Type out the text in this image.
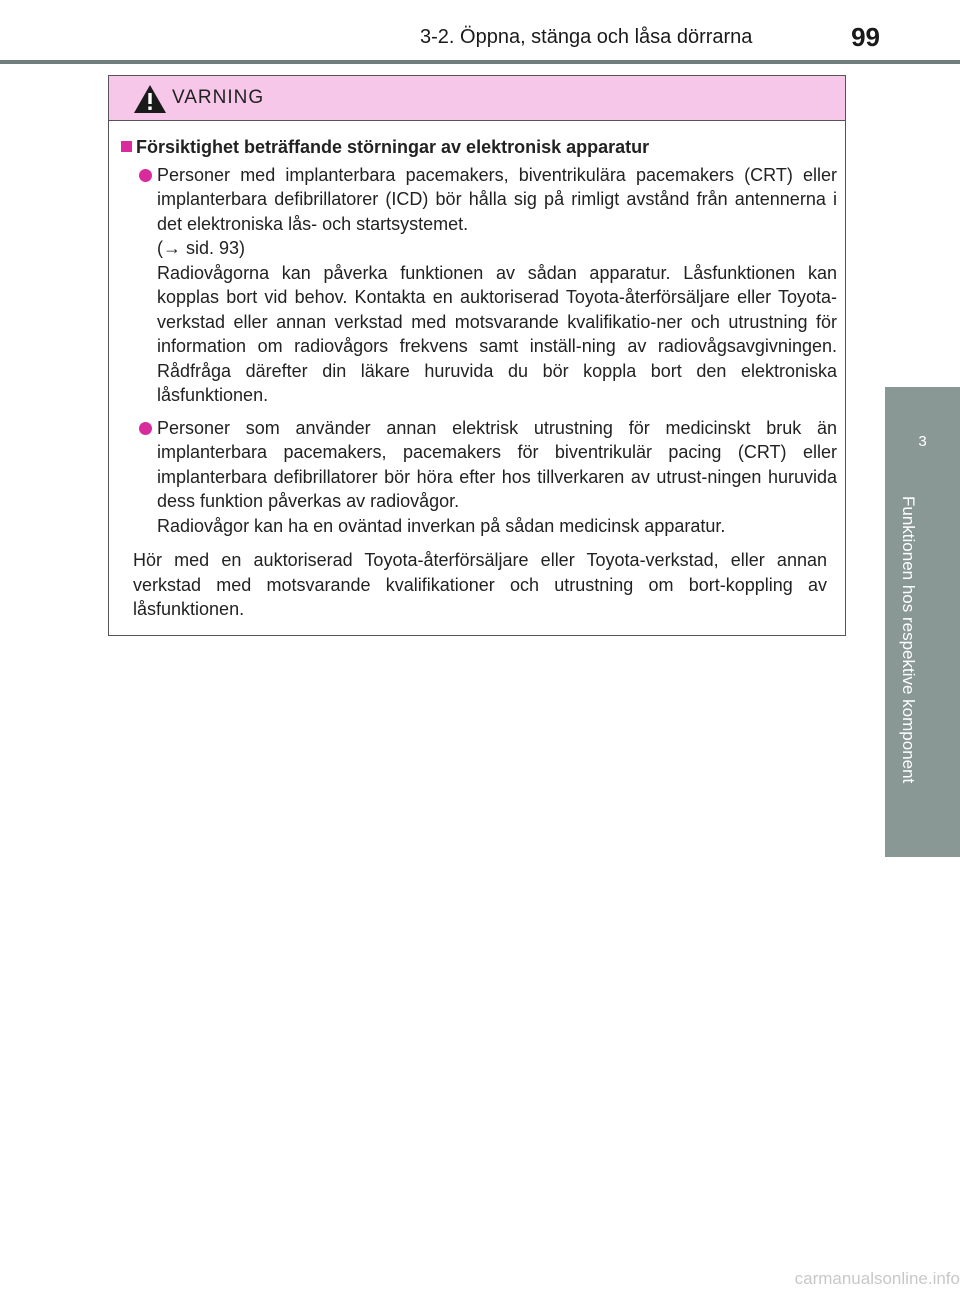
3-2. Öppna, stänga och låsa dörrarna	99
3
Funktionen hos respektive komponent
VARNING
Försiktighet beträffande störningar av elektronisk apparatur

Personer med implanterbara pacemakers, biventrikulära pacemakers (CRT) eller implanterbara defibrillatorer (ICD) bör hålla sig på rimligt avstånd från antennerna i det elektroniska lås- och startsystemet.

(→ sid. 93)

Radiovågorna kan påverka funktionen av sådan apparatur. Låsfunktionen kan kopplas bort vid behov. Kontakta en auktoriserad Toyota-återförsäljare eller Toyota-verkstad eller annan verkstad med motsvarande kvalifikatio-ner och utrustning för information om radiovågors frekvens samt inställ-ning av radiovågsavgivningen. Rådfråga därefter din läkare huruvida du bör koppla bort den elektroniska låsfunktionen.

Personer som använder annan elektrisk utrustning för medicinskt bruk än implanterbara pacemakers, pacemakers för biventrikulär pacing (CRT) eller implanterbara defibrillatorer bör höra efter hos tillverkaren av utrust-ningen huruvida dess funktion påverkas av radiovågor.

Radiovågor kan ha en oväntad inverkan på sådan medicinsk apparatur.

Hör med en auktoriserad Toyota-återförsäljare eller Toyota-verkstad, eller annan verkstad med motsvarande kvalifikationer och utrustning om bort-koppling av låsfunktionen.

carmanualsonline.info
